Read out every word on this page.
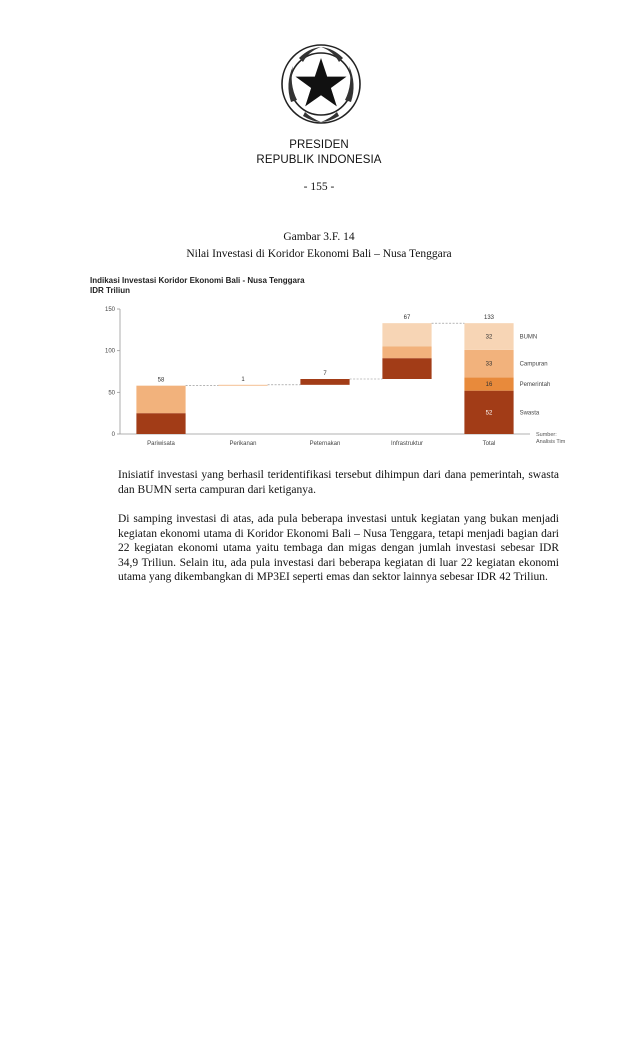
PRESIDEN
REPUBLIK INDONESIA
- 155 -
Gambar 3.F. 14
Nilai Investasi di Koridor Ekonomi Bali – Nusa Tenggara
Indikasi Investasi Koridor Ekonomi Bali - Nusa Tenggara
IDR Triliun
Sumber:
Analisis Tim
0
50
100
150
58
Pariwisata
1
Perikanan
7
Peternakan
67
Infrastruktur
133
Total
52	Swasta
16	Pemerintah
33	Campuran
32	BUMN
Inisiatif investasi yang berhasil teridentifikasi tersebut dihimpun dari dana pemerintah, swasta dan BUMN serta campuran dari ketiganya.
Di samping investasi di atas, ada pula beberapa investasi untuk kegiatan yang bukan menjadi kegiatan ekonomi utama di Koridor Ekonomi Bali – Nusa Tenggara, tetapi menjadi bagian dari 22 kegiatan ekonomi utama yaitu tembaga dan migas dengan jumlah investasi sebesar IDR 34,9 Triliun. Selain itu, ada pula investasi dari beberapa kegiatan di luar 22 kegiatan ekonomi utama yang dikembangkan di MP3EI seperti emas dan sektor lainnya sebesar IDR 42 Triliun.
